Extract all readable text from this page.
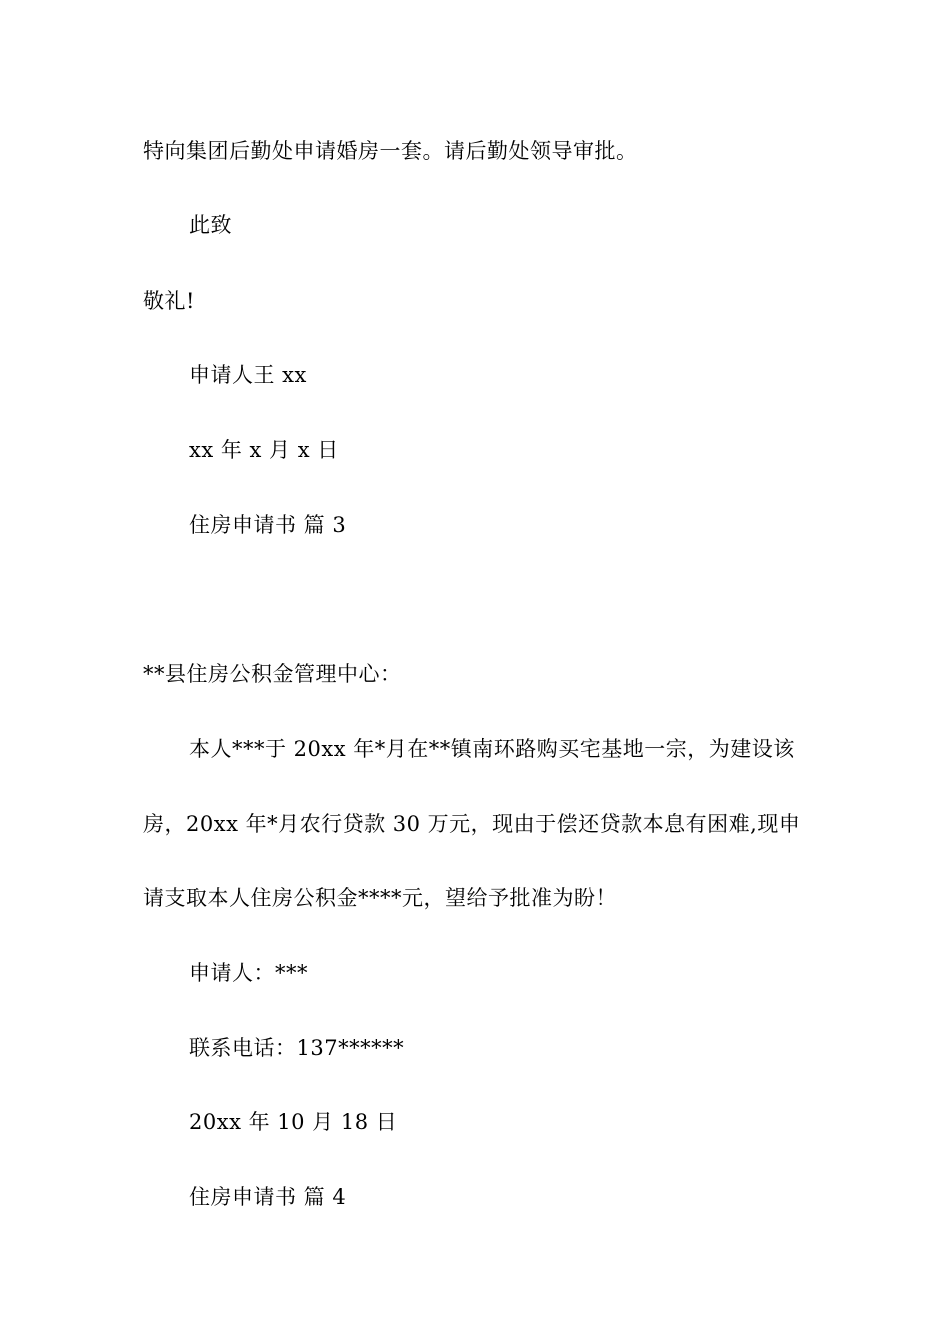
特向集团后勤处申请婚房一套。请后勤处领导审批。
此致
敬礼!
申请人王 xx
xx 年 x 月 x 日
住房申请书 篇 3
**县住房公积金管理中心：
本人***于 20xx 年*月在**镇南环路购买宅基地一宗，为建设该
房，20xx 年*月农行贷款 30 万元，现由于偿还贷款本息有困难,现申
请支取本人住房公积金****元，望给予批准为盼！
申请人：***
联系电话：137******
20xx 年 10 月 18 日
住房申请书 篇 4
